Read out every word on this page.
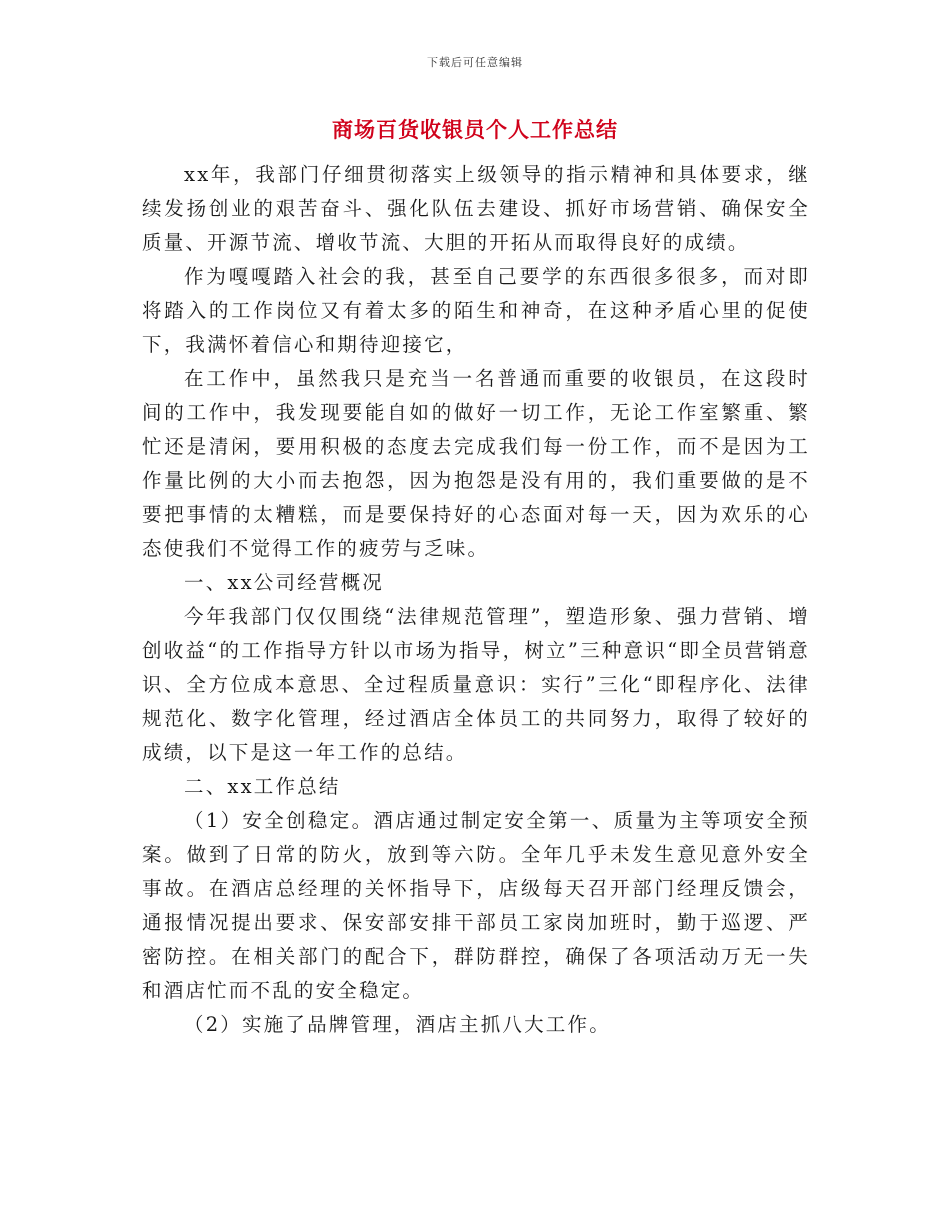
下载后可任意编辑
商场百货收银员个人工作总结

xx年，我部门仔细贯彻落实上级领导的指示精神和具体要求，继续发扬创业的艰苦奋斗、强化队伍去建设、抓好市场营销、确保安全质量、开源节流、增收节流、大胆的开拓从而取得良好的成绩。

作为嘎嘎踏入社会的我，甚至自己要学的东西很多很多，而对即将踏入的工作岗位又有着太多的陌生和神奇，在这种矛盾心里的促使下，我满怀着信心和期待迎接它，

在工作中，虽然我只是充当一名普通而重要的收银员，在这段时间的工作中，我发现要能自如的做好一切工作，无论工作室繁重、繁忙还是清闲，要用积极的态度去完成我们每一份工作，而不是因为工作量比例的大小而去抱怨，因为抱怨是没有用的，我们重要做的是不要把事情的太糟糕，而是要保持好的心态面对每一天，因为欢乐的心态使我们不觉得工作的疲劳与乏味。

一、xx公司经营概况

今年我部门仅仅围绕“法律规范管理”，塑造形象、强力营销、增创收益“的工作指导方针以市场为指导，树立”三种意识“即全员营销意识、全方位成本意思、全过程质量意识：实行”三化“即程序化、法律规范化、数字化管理，经过酒店全体员工的共同努力，取得了较好的成绩，以下是这一年工作的总结。

二、xx工作总结

（1）安全创稳定。酒店通过制定安全第一、质量为主等项安全预案。做到了日常的防火，放到等六防。全年几乎未发生意见意外安全事故。在酒店总经理的关怀指导下，店级每天召开部门经理反馈会，通报情况提出要求、保安部安排干部员工家岗加班时，勤于巡逻、严密防控。在相关部门的配合下，群防群控，确保了各项活动万无一失和酒店忙而不乱的安全稳定。

（2）实施了品牌管理，酒店主抓八大工作。
